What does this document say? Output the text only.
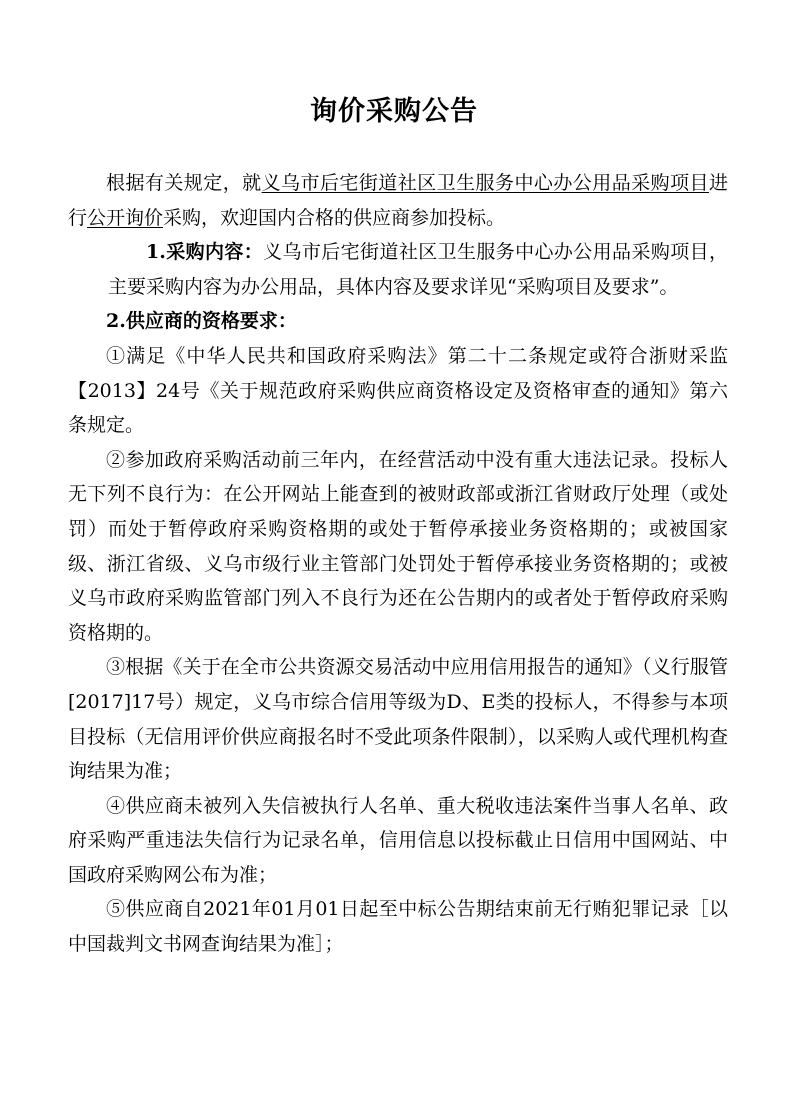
询价采购公告

根据有关规定，就义乌市后宅街道社区卫生服务中心办公用品采购项目进行公开询价采购，欢迎国内合格的供应商参加投标。

1.采购内容：义乌市后宅街道社区卫生服务中心办公用品采购项目，主要采购内容为办公用品，具体内容及要求详见“采购项目及要求”。

2.供应商的资格要求：

①满足《中华人民共和国政府采购法》第二十二条规定或符合浙财采监【2013】24号《关于规范政府采购供应商资格设定及资格审查的通知》第六条规定。

②参加政府采购活动前三年内，在经营活动中没有重大违法记录。投标人无下列不良行为：在公开网站上能查到的被财政部或浙江省财政厅处理（或处罚）而处于暂停政府采购资格期的或处于暂停承接业务资格期的；或被国家级、浙江省级、义乌市级行业主管部门处罚处于暂停承接业务资格期的；或被义乌市政府采购监管部门列入不良行为还在公告期内的或者处于暂停政府采购资格期的。

③根据《关于在全市公共资源交易活动中应用信用报告的通知》（义行服管[2017]17号）规定，义乌市综合信用等级为D、E类的投标人，不得参与本项目投标（无信用评价供应商报名时不受此项条件限制），以采购人或代理机构查询结果为准；

④供应商未被列入失信被执行人名单、重大税收违法案件当事人名单、政府采购严重违法失信行为记录名单，信用信息以投标截止日信用中国网站、中国政府采购网公布为准；

⑤供应商自2021年01月01日起至中标公告期结束前无行贿犯罪记录［以中国裁判文书网查询结果为准］；
